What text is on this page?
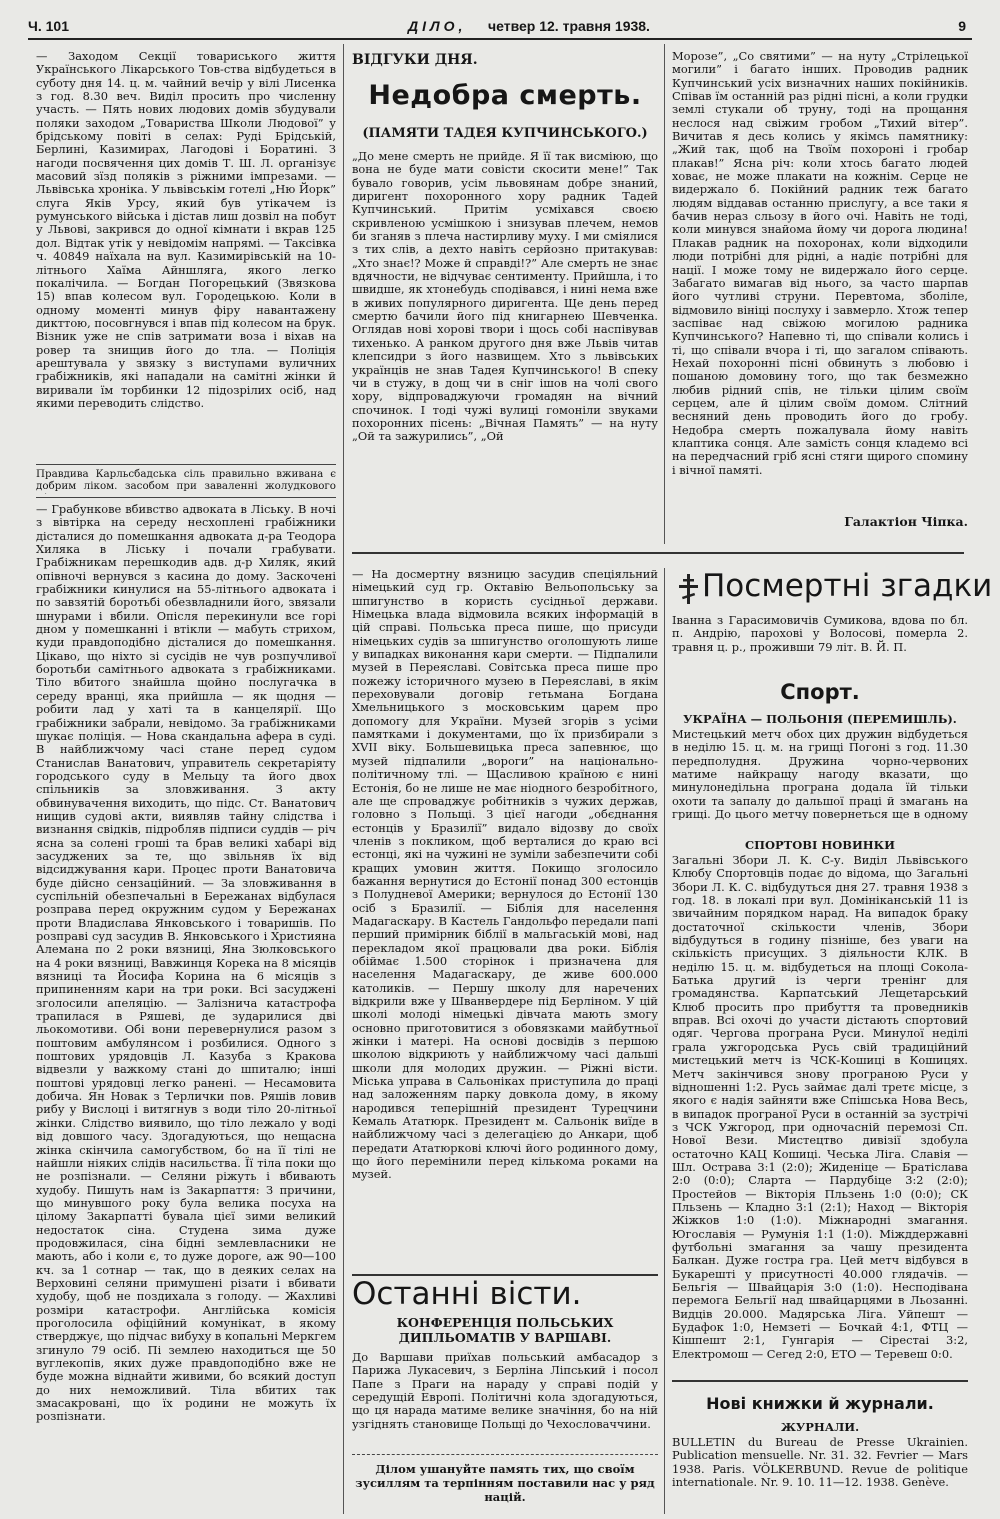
Ч. 101	ДІЛО, четвер 12. травня 1938.	9

— Заходом Секції товариського життя Українського Лікарського Тов-ства відбудеться в суботу дня 14. ц. м. чайний вечір у вілі Лисенка з год. 8.30 веч. Виділ просить про численну участь. — Пять нових людових домів збудували поляки заходом „Товариства Школи Людової” у брідському повіті в селах: Руді Брідській, Берлині, Казимирах, Лагодові і Боратині. З нагоди посвячення цих домів Т. Ш. Л. організує масовий зїзд поляків з ріжними імпрезами. — Львівська хроніка. У львівськім готелі „Ню Йорк” слуга Яків Урсу, який був утікачем із румунського війська і дістав лиш дозвіл на побут у Львові, закрився до одної кімнати і вкрав 125 дол. Відтак утік у невідомім напрямі. — Таксівка ч. 40849 наїхала на вул. Казимирівській на 10-літнього Хаїма Айншляга, якого легко покалічила. — Богдан Погорецький (Звязкова 15) впав колесом вул. Городецькою. Коли в одному моменті минув фіру навантажену дикттою, посовгнувся і впав під колесом на брук. Візник уже не спів затримати воза і віхав на ровер та знищив його до тла. — Поліція арештувала у звязку з виступами вуличних грабіжників, які нападали на самітні жінки й виривали їм торбинки 12 підозрілих осіб, над якими переводить слідство.

Правдива Карльсбадська сіль правильно вживана є добрим ліком. засобом при заваленні жолудкового

— Грабункове вбивство адвоката в Ліську. В ночі з вівтірка на середу несхоплені грабіжники дісталися до помешкання адвоката д-ра Теодора Хиляка в Ліську і почали грабувати. Грабіжникам перешкодив адв. д-р Хиляк, який опівночі вернувся з касина до дому. Заскочені грабіжники кинулися на 55-літнього адвоката і по завзятій боротьбі обезвладнили його, звязали шнурами і вбили. Опісля перекинули все горі дном у помешканні і втікли — мабуть стрихом, куди правдоподібно дісталися до помешкання. Цікаво, що ніхто зі сусідів не чув розпучливої боротьби самітнього адвоката з грабіжниками. Тіло вбитого знайшла щойно послугачка в середу вранці, яка прийшла — як щодня — робити лад у хаті та в канцелярії. Що грабіжники забрали, невідомо. За грабіжниками шукає поліція. — Нова скандальна афера в суді. В найближчому часі стане перед судом Станислав Ванатович, управитель секретаріяту городського суду в Мельцу та його двох спільників за зловживання. З акту обвинувачення виходить, що підс. Ст. Ванатович нищив судові акти, виявляв тайну слідства і визнання свідків, підробляв підписи суддів — річ ясна за солені гроші та брав великі хабарі від засуджених за те, що звільняв їх від відсиджування кари. Процес проти Ванатовича буде дійсно сензаційний. — За зловживання в суспільній обезпечальні в Бережанах відбулася розправа перед окружним судом у Бережанах проти Владислава Янковського і товаришів. По розправі суд засудив В. Янковського і Християна Алемана по 2 роки вязниці, Яна Зюлковського на 4 роки вязниці, Вавжинця Корека на 8 місяців вязниці та Йосифа Корина на 6 місяців з припиненням кари на три роки. Всі засуджені зголосили апеляцію. — Залізнича катастрофа трапилася в Ряшеві, де зударилися дві льокомотиви. Обі вони перевернулися разом з поштовим амбулянсом і розбилися. Одного з поштових урядовців Л. Казуба з Кракова відвезли у важкому стані до шпиталю; інші поштові урядовці легко ранені. — Несамовита добича. Ян Новак з Терлички пов. Ряшів ловив рибу у Вислоці і витягнув з води тіло 20-літньої жінки. Слідство виявило, що тіло лежало у воді від довшого часу. Здогадуються, що нещасна жінка скінчила самогубством, бо на її тілі не найшли ніяких слідів насильства. Її тіла поки що не розпізнали. — Селяни ріжуть і вбивають худобу. Пишуть нам із Закарпаття: З причини, що минувшого року була велика посуха на цілому Закарпатті бувала цієї зими великий недостаток сіна. Студена зима дуже продовжилася, сіна бідні землевласники не мають, або і коли є, то дуже дороге, аж 90—100 кч. за 1 сотнар — так, що в деяких селах на Верховині селяни примушені різати і вбивати худобу, щоб не поздихала з голоду. — Жахливі розміри катастрофи. Англійська комісія проголосила офіційний комунікат, в якому стверджує, що підчас вибуху в копальні Меркгем згинуло 79 осіб. Пі землею находиться ще 50 вуглекопів, яких дуже правдоподібно вже не буде можна віднайти живими, бо всякий доступ до них неможливий. Тіла вбитих так змасакровані, що їх родини не можуть їх розпізнати.

ВІДГУКИ ДНЯ.
Недобра смерть.
(ПАМЯТИ ТАДЕЯ КУПЧИНСЬКОГО.)

„До мене смерть не прийде. Я її так висміюю, що вона не буде мати совісти скосити мене!” Так бувало говорив, усім львовянам добре знаний, диригент похоронного хору радник Тадей Купчинський. Притім усміхався своєю скривленою усмішкою і знизував плечем, немов би зганяв з плеча настирливу муху. І ми сміялися з тих слів, а дехто навіть серйозно притакував: „Хто знає!? Може й справді!?” Але смерть не знає вдячности, не відчуває сентименту. Прийшла, і то швидше, як хтонебудь сподівався, і нині нема вже в живих популярного диригента. Ще день перед смертю бачили його під книгарнею Шевченка. Оглядав нові хорові твори і щось собі наспівував тихенько. А ранком другого дня вже Львів читав клепсидри з його назвищем. Хто з львівських українців не знав Тадея Купчинського! В спеку чи в стужу, в дощ чи в сніг ішов на чолі свого хору, відпроваджуючи громадян на вічний спочинок. І тоді чужі вулиці гомоніли звуками похоронних пісень: „Вічная Память” — на нуту „Ой та зажурились”, „Ой

— На досмертну вязницю засудив спеціяльний німецький суд гр. Октавію Вельопольську за шпигунство в користь сусідньої держави. Німецька влада відмовила всяких інформацій в цій справі. Польська преса пише, що присуди німецьких судів за шпигунство оголошують лише у випадках виконання кари смерти. — Підпалили музей в Переяславі. Совітська преса пише про пожежу історичного музею в Переяславі, в якім переховували договір гетьмана Богдана Хмельницького з московським царем про допомогу для України. Музей згорів з усіми памятками і документами, що їх призбирали з XVII віку. Большевицька преса запевнює, що музей підпалили „вороги” на національно-політичному тлі. — Щасливою країною є нині Естонія, бо не лише не має ніодного безробітного, але ще спроваджує робітників з чужих держав, головно з Польщі. З цієї нагоди „обєднання естонців у Бразилії” видало відозву до своїх членів з покликом, щоб верталися до краю всі естонці, які на чужині не зуміли забезпечити собі кращих умовин життя. Покищо зголосило бажання вернутися до Естонії понад 300 естонців з Полудневої Америки; вернулося до Естонії 130 осіб з Бразилії. — Біблія для населення Мадагаскару. В Кастель Гандольфо передали папі перший примірник біблії в мальгаській мові, над перекладом якої працювали два роки. Біблія обіймає 1.500 сторінок і призначена для населення Мадагаскару, де живе 600.000 католиків. — Першу школу для наречених відкрили вже у Шванвердере під Берліном. У цій школі молоді німецькі дівчата мають змогу основно приготовитися з обовязками майбутньої жінки і матері. На основі досвідів з першою школою відкриють у найближчому часі дальші школи для молодих дружин. — Ріжні вісти. Міська управа в Сальоніках приступила до праці над заложенням парку довкола дому, в якому народився теперішній президент Турецчини Кемаль Ататюрк. Президент м. Сальонік виїде в найближчому часі з делегацією до Анкари, щоб передати Ататюркові ключі його родинного дому, що його перемінили перед кількома роками на музей.

Останні вісти.
КОНФЕРЕНЦІЯ ПОЛЬСЬКИХ ДИПЛЬОМАТІВ У ВАРШАВІ.

До Варшави приїхав польський амбасадор з Парижа Лукасевич, з Берліна Ліпський і посол Папе з Праги на нараду у справі подій у середущій Европі. Політичні кола здогадуються, що ця нарада матиме велике значіння, бо на ній узгіднять становище Польщі до Чехословаччини.

Ділом ушануйте память тих, що своїм зусиллям та терпінням поставили нас у ряд націй.

Морозе”, „Со святими” — на нуту „Стрілецької могили” і багато інших. Проводив радник Купчинський усіх визначних наших покійників. Співав їм останній раз рідні пісні, а коли грудки землі стукали об труну, тоді на прощання неслося над свіжим гробом „Тихий вітер”. Вичитав я десь колись у якімсь памятнику: „Жий так, щоб на Твоїм похороні і гробар плакав!” Ясна річ: коли хтось багато людей ховає, не може плакати на кожнім. Серце не видержало б. Покійний радник теж багато людям віддавав останню прислугу, а все таки я бачив нераз сльозу в його очі. Навіть не тоді, коли минувся знайома йому чи дорога людина! Плакав радник на похоронах, коли відходили люди потрібні для рідні, а надіє потрібні для нації. І може тому не видержало його серце. Забагато вимагав від нього, за часто шарпав його чутливі струни. Перевтома, зболіле, відмовило вініці послуху і завмерло. Хтож тепер заспіває над свіжою могилою радника Купчинського? Напевно ті, що співали колись і ті, що співали вчора і ті, що загалом співають. Нехай похоронні пісні обвинуть з любовю і пошаною домовину того, що так безмежно любив рідний спів, не тільки цілим своїм серцем, але й цілим своїм домом. Слітний весняний день проводить його до гробу. Недобра смерть пожалувала йому навіть клаптика сонця. Але замість сонця кладемо всі на передчасний гріб ясні стяги щирого спомину і вічної памяті.

Галактіон Чіпка.
Посмертні згадки

Іванна з Гарасимовичів Сумикова, вдова по бл. п. Андрію, парохові у Волосові, померла 2. травня ц. р., проживши 79 літ. В. Й. П.

Спорт.
УКРАЇНА — ПОЛЬОНІЯ (ПЕРЕМИШЛЬ).

Мистецький метч обох цих дружин відбудеться в неділю 15. ц. м. на грищі Погоні з год. 11.30 передполудня. Дружина чорно-червоних матиме найкращу нагоду вказати, що минулонедільна програна додала їй тільки охоти та запалу до дальшої праці й змагань на грищі. До цього метчу повернеться ще в одному

СПОРТОВІ НОВИНКИ

Загальні Збори Л. К. С-у. Виділ Львівського Клюбу Спортовців подає до відома, що Загальні Збори Л. К. С. відбудуться дня 27. травня 1938 з год. 18. в локалі при вул. Домініканській 11 із звичайним порядком нарад. На випадок браку достаточної скількости членів, Збори відбудуться в годину пізніше, без уваги на скількість присущих. З діяльности КЛК. В неділю 15. ц. м. відбудеться на площі Сокола-Батька другий із черги тренінг для громадянства. Карпатський Лещетарський Клюб просить про прибуття та проведників вправ. Всі охочі до участи дістають спортовий одяг. Чергова програна Руси. Минулої неділі грала ужгородська Русь свій традиційний мистецький метч із ЧСК-Кошиці в Кошицях. Метч закінчився знову програною Руси у відношенні 1:2. Русь займає далі третє місце, з якого є надія зайняти вже Спішська Нова Весь, в випадок програної Руси в останній за зустрічі з ЧСК Ужгород, при одночасній перемозі Сп. Нової Вези. Мистецтво дивізії здобула остаточно КАЦ Кошиці. Чеська Ліга. Славія — Шл. Острава 3:1 (2:0); Жиденіце — Братіслава 2:0 (0:0); Сларта — Пардубіце 3:2 (2:0); Простейов — Вікторія Пльзень 1:0 (0:0); СК Пльзень — Кладно 3:1 (2:1); Наход — Вікторія Жіжков 1:0 (1:0). Міжнародні змагання. Югославія — Румунія 1:1 (1:0). Міжддержавні футбольні змагання за чашу президента Балкан. Дуже гостра гра. Цей метч відбувся в Букарешті у присутності 40.000 глядачів. — Бельгія — Швайцарія 3:0 (1:0). Несподівана перемога Бельгії над швайцарцями в Льозанні. Видців 20.000. Мадярська Ліга. Уйпешт — Будафок 1:0, Немзеті — Бочкай 4:1, ФТЦ — Кішпешт 2:1, Гунгарія — Сірестаі 3:2, Електромош — Сегед 2:0, ЕТО — Теревеш 0:0.

Нові книжки й журнали.
ЖУРНАЛИ.

BULLETIN du Bureau de Presse Ukrainien. Publication mensuelle. Nr. 31. 32. Fevrier — Mars 1938. Paris. VÖLKERBUND. Revue de politique internationale. Nr. 9. 10. 11—12. 1938. Genève.
